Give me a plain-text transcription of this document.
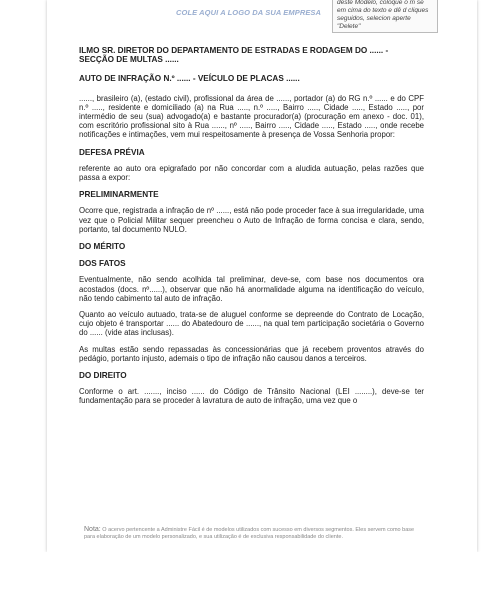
COLE AQUI A LOGO DA SUA EMPRESA
deste Modelo, coloque o m se em cima do texto e dê d cliques seguidos, selecion aperte "Delete"

ILMO SR. DIRETOR DO DEPARTAMENTO DE ESTRADAS E RODAGEM DO ...... - SECÇÃO DE MULTAS ......

AUTO DE INFRAÇÃO N.º ...... - VEÍCULO DE PLACAS ......

......, brasileiro (a), (estado civil), profissional da área de ......, portador (a) do RG n.º ...... e do CPF n.º ....., residente e domiciliado (a) na Rua ....., n.º ....., Bairro ....., Cidade ....., Estado ....., por intermédio de seu (sua) advogado(a) e bastante procurador(a) (procuração em anexo - doc. 01), com escritório profissional sito à Rua ......, nº ....., Bairro ....., Cidade ....., Estado ....., onde recebe notificações e intimações, vem mui respeitosamente à presença de Vossa Senhoria propor:

DEFESA PRÉVIA

referente ao auto ora epigrafado por não concordar com a aludida autuação, pelas razões que passa a expor:

PRELIMINARMENTE

Ocorre que, registrada a infração de nº ......, está não pode proceder face à sua irregularidade, uma vez que o Policial Militar sequer preencheu o Auto de Infração de forma concisa e clara, sendo, portanto, tal documento NULO.

DO MÉRITO

DOS FATOS

Eventualmente, não sendo acolhida tal preliminar, deve-se, com base nos documentos ora acostados (docs. nº......), observar que não há anormalidade alguma na identificação do veículo, não tendo cabimento tal auto de infração.

Quanto ao veículo autuado, trata-se de aluguel conforme se depreende do Contrato de Locação, cujo objeto é transportar ...... do Abatedouro de ......, na qual tem participação societária o Governo do ...... (vide atas inclusas).

As multas estão sendo repassadas às concessionárias que já recebem proventos através do pedágio, portanto injusto, ademais o tipo de infração não causou danos a terceiros.

DO DIREITO

Conforme o art. ......., inciso ...... do Código de Trânsito Nacional (LEI ........), deve-se ter fundamentação para se proceder à lavratura de auto de infração, uma vez que o

Nota: O acervo pertencente a Administre Fácil é de modelos utilizados com sucesso em diversos segmentos. Eles servem como base para elaboração de um modelo personalizado, e sua utilização é de exclusiva responsabilidade do cliente.
